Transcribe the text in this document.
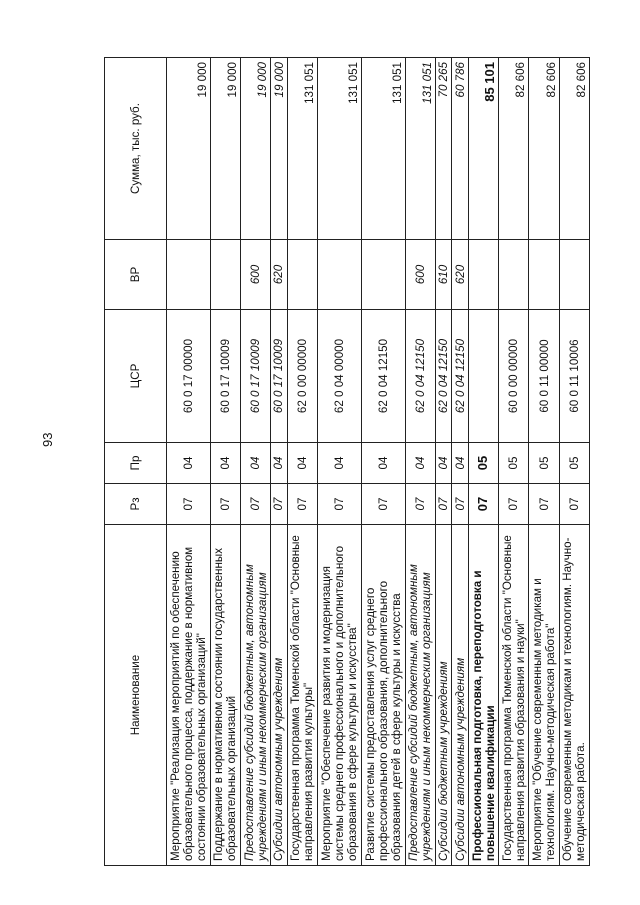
93
Наименование	Рз	Пр	ЦСР	ВР	Сумма, тыс. руб.
Мероприятие "Реализация мероприятий по обеспечению образовательного процесса, поддержание в нормативном состоянии образовательных организаций"	07	04	60 0 17 00000		19 000
Поддержание в нормативном состоянии государственных образовательных организаций	07	04	60 0 17 10009		19 000
Предоставление субсидий бюджетным, автономным учреждениям и иным некоммерческим организациям	07	04	60 0 17 10009	600	19 000
Субсидии автономным учреждениям	07	04	60 0 17 10009	620	19 000
Государственная программа Тюменской области "Основные направления развития культуры"	07	04	62 0 00 00000		131 051
Мероприятие "Обеспечение развития и модернизация системы среднего профессионального и дополнительного образования в сфере культуры и искусства"	07	04	62 0 04 00000		131 051
Развитие системы предоставления услуг среднего профессионального образования, дополнительного образования детей в сфере культуры и искусства	07	04	62 0 04 12150		131 051
Предоставление субсидий бюджетным, автономным учреждениям и иным некоммерческим организациям	07	04	62 0 04 12150	600	131 051
Субсидии бюджетным учреждениям	07	04	62 0 04 12150	610	70 265
Субсидии автономным учреждениям	07	04	62 0 04 12150	620	60 786
Профессиональная подготовка, переподготовка и повышение квалификации	07	05			85 101
Государственная программа Тюменской области "Основные направления развития образования и науки"	07	05	60 0 00 00000		82 606
Мероприятие "Обучение современным методикам и технологиям. Научно-методическая работа"	07	05	60 0 11 00000		82 606
Обучение современным методикам и технологиям. Научно-методическая работа.	07	05	60 0 11 10006		82 606
